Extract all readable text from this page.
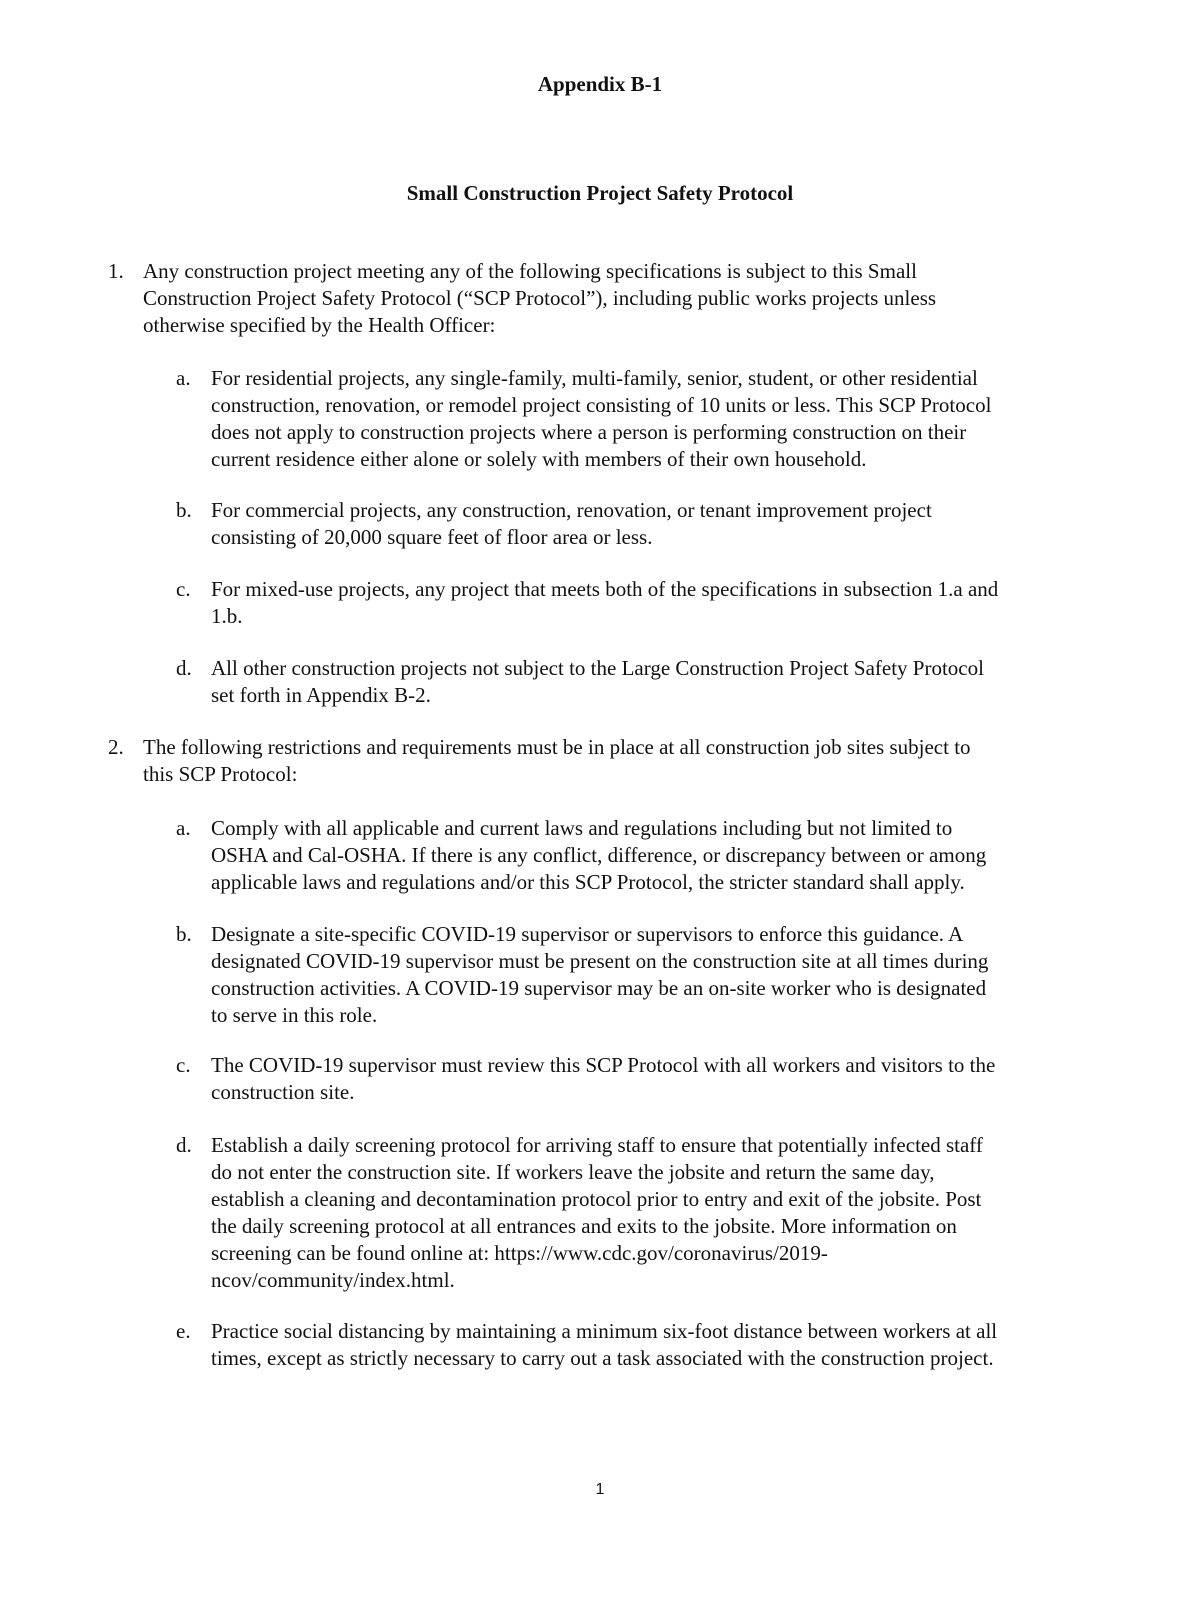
Appendix B-1
Small Construction Project Safety Protocol
1. Any construction project meeting any of the following specifications is subject to this Small
Construction Project Safety Protocol (“SCP Protocol”), including public works projects unless
otherwise specified by the Health Officer:
a. For residential projects, any single-family, multi-family, senior, student, or other residential
construction, renovation, or remodel project consisting of 10 units or less. This SCP Protocol
does not apply to construction projects where a person is performing construction on their
current residence either alone or solely with members of their own household.
b. For commercial projects, any construction, renovation, or tenant improvement project
consisting of 20,000 square feet of floor area or less.
c. For mixed-use projects, any project that meets both of the specifications in subsection 1.a and
1.b.
d. All other construction projects not subject to the Large Construction Project Safety Protocol
set forth in Appendix B-2.
2. The following restrictions and requirements must be in place at all construction job sites subject to
this SCP Protocol:
a. Comply with all applicable and current laws and regulations including but not limited to
OSHA and Cal-OSHA. If there is any conflict, difference, or discrepancy between or among
applicable laws and regulations and/or this SCP Protocol, the stricter standard shall apply.
b. Designate a site-specific COVID-19 supervisor or supervisors to enforce this guidance. A
designated COVID-19 supervisor must be present on the construction site at all times during
construction activities. A COVID-19 supervisor may be an on-site worker who is designated
to serve in this role.
c. The COVID-19 supervisor must review this SCP Protocol with all workers and visitors to the
construction site.
d. Establish a daily screening protocol for arriving staff to ensure that potentially infected staff
do not enter the construction site. If workers leave the jobsite and return the same day,
establish a cleaning and decontamination protocol prior to entry and exit of the jobsite. Post
the daily screening protocol at all entrances and exits to the jobsite. More information on
screening can be found online at: https://www.cdc.gov/coronavirus/2019-
ncov/community/index.html.
e. Practice social distancing by maintaining a minimum six-foot distance between workers at all
times, except as strictly necessary to carry out a task associated with the construction project.
1
